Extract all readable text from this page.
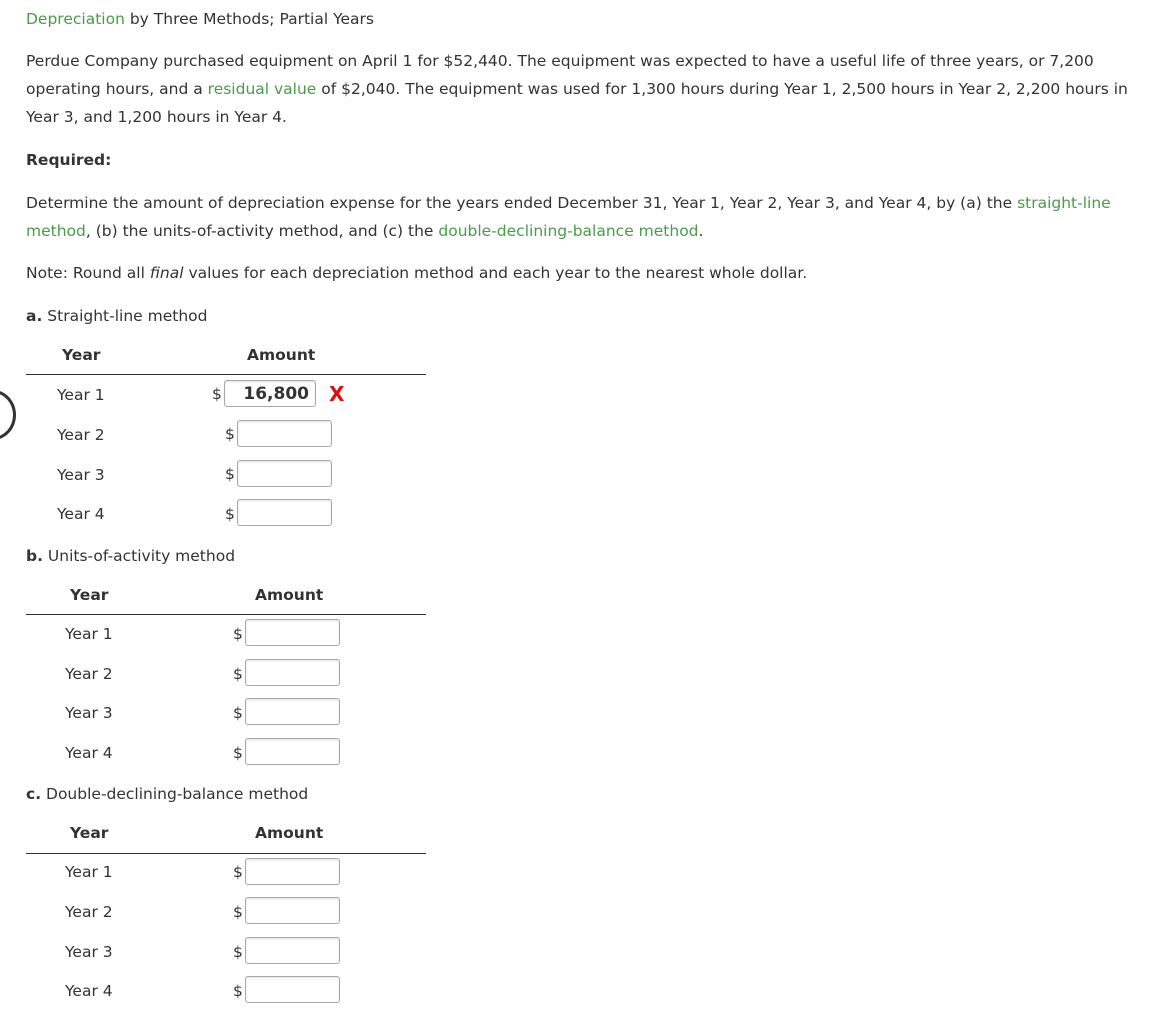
Depreciation by Three Methods; Partial Years

Perdue Company purchased equipment on April 1 for $52,440. The equipment was expected to have a useful life of three years, or 7,200 operating hours, and a residual value of $2,040. The equipment was used for 1,300 hours during Year 1, 2,500 hours in Year 2, 2,200 hours in Year 3, and 1,200 hours in Year 4.

Required:

Determine the amount of depreciation expense for the years ended December 31, Year 1, Year 2, Year 3, and Year 4, by (a) the straight-line method, (b) the units-of-activity method, and (c) the double-declining-balance method.

Note: Round all final values for each depreciation method and each year to the nearest whole dollar.
a. Straight-line method
Year	Amount
Year 1	$	16,800	X
Year 2	$
Year 3	$
Year 4	$
b. Units-of-activity method
Year	Amount
Year 1	$
Year 2	$
Year 3	$
Year 4	$
c. Double-declining-balance method
Year	Amount
Year 1	$
Year 2	$
Year 3	$
Year 4	$
